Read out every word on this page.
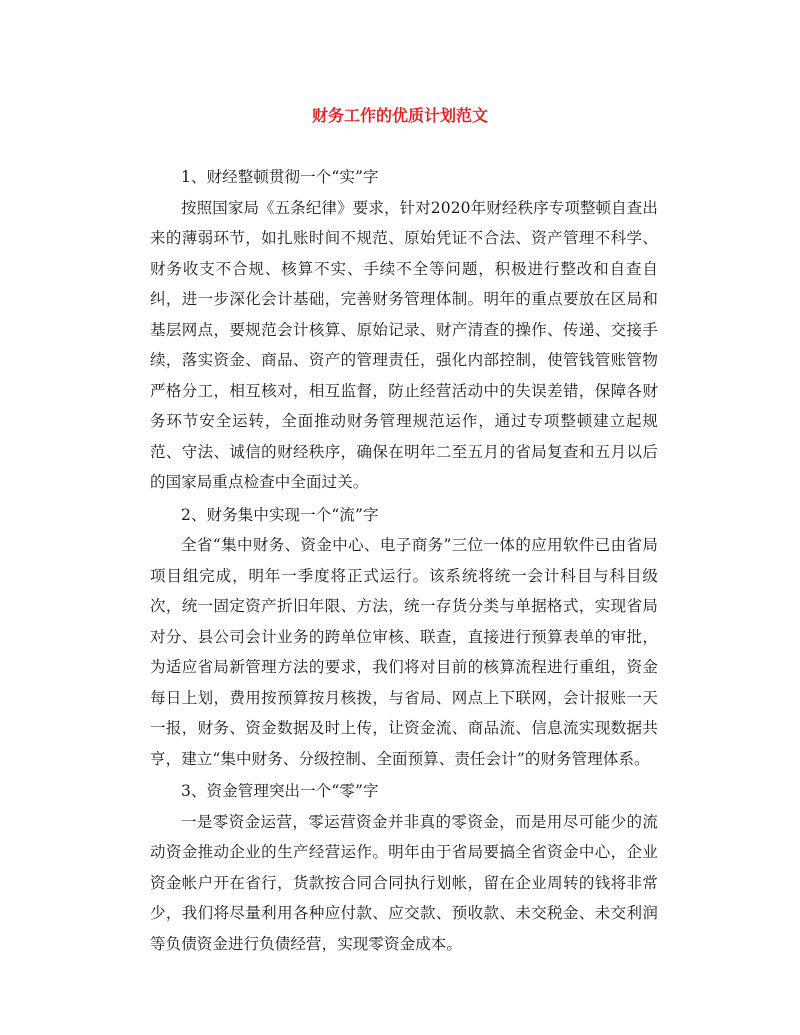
财务工作的优质计划范文

1、财经整顿贯彻一个“实”字

按照国家局《五条纪律》要求，针对2020年财经秩序专项整顿自查出来的薄弱环节，如扎账时间不规范、原始凭证不合法、资产管理不科学、财务收支不合规、核算不实、手续不全等问题，积极进行整改和自查自纠，进一步深化会计基础，完善财务管理体制。明年的重点要放在区局和基层网点，要规范会计核算、原始记录、财产清查的操作、传递、交接手续，落实资金、商品、资产的管理责任，强化内部控制，使管钱管账管物严格分工，相互核对，相互监督，防止经营活动中的失误差错，保障各财务环节安全运转，全面推动财务管理规范运作，通过专项整顿建立起规范、守法、诚信的财经秩序，确保在明年二至五月的省局复查和五月以后的国家局重点检查中全面过关。

2、财务集中实现一个“流”字

全省“集中财务、资金中心、电子商务”三位一体的应用软件已由省局项目组完成，明年一季度将正式运行。该系统将统一会计科目与科目级次，统一固定资产折旧年限、方法，统一存货分类与单据格式，实现省局对分、县公司会计业务的跨单位审核、联查，直接进行预算表单的审批，为适应省局新管理方法的要求，我们将对目前的核算流程进行重组，资金每日上划，费用按预算按月核拨，与省局、网点上下联网，会计报账一天一报，财务、资金数据及时上传，让资金流、商品流、信息流实现数据共亨，建立“集中财务、分级控制、全面预算、责任会计”的财务管理体系。

3、资金管理突出一个“零”字

一是零资金运营，零运营资金并非真的零资金，而是用尽可能少的流动资金推动企业的生产经营运作。明年由于省局要搞全省资金中心，企业资金帐户开在省行，货款按合同合同执行划帐，留在企业周转的钱将非常少，我们将尽量利用各种应付款、应交款、预收款、未交税金、未交利润等负债资金进行负债经营，实现零资金成本。
